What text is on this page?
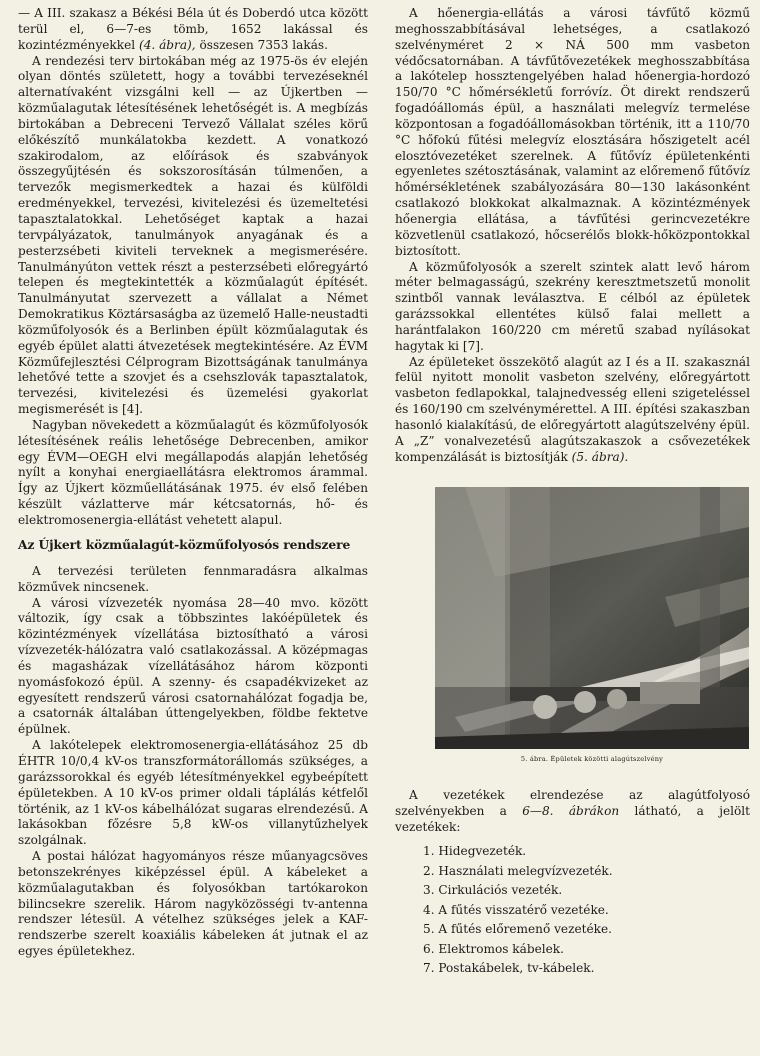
— A III. szakasz a Békési Béla út és Doberdó utca között terül el, 6—7-es tömb, 1652 lakással és kozintézményekkel (4. ábra), összesen 7353 lakás.

A rendezési terv birtokában még az 1975-ös év elején olyan döntés született, hogy a további tervezéseknél alternatívaként vizsgálni kell — az Újkertben — közműalagutak létesítésének lehetőségét is. A megbízás birtokában a Debreceni Tervező Vállalat széles körű előkészítő munkálatokba kezdett. A vonatkozó szakirodalom, az előírások és szabványok összegyűjtésén és sokszorosításán túlmenően, a tervezők megismerkedtek a hazai és külföldi eredményekkel, tervezési, kivitelezési és üzemeltetési tapasztalatokkal. Lehetőséget kaptak a hazai tervpályázatok, tanulmányok anyagának és a pesterzsébeti kiviteli terveknek a megismerésére. Tanulmányúton vettek részt a pesterzsébeti előregyártó telepen és megtekintették a közműalagút építését. Tanulmányutat szervezett a vállalat a Német Demokratikus Köztársaságba az üzemelő Halle-neustadti közműfolyosók és a Berlinben épült közműalagutak és egyéb épület alatti átvezetések megtekintésére. Az ÉVM Közműfejlesztési Célprogram Bizottságának tanulmánya lehetővé tette a szovjet és a csehszlovák tapasztalatok, tervezési, kivitelezési és üzemelési gyakorlat megismerését is [4].

Nagyban növekedett a közműalagút és közműfolyosók létesítésének reális lehetősége Debrecenben, amikor egy ÉVM—OEGH elvi megállapodás alapján lehetőség nyílt a konyhai energiaellátásra elektromos árammal. Így az Újkert közműellátásának 1975. év első felében készült vázlatterve már kétcsatornás, hő- és elektromosenergia-ellátást vehetett alapul.

Az Újkert közműalagút-közműfolyosós rendszere

A tervezési területen fennmaradásra alkalmas közművek nincsenek.

A városi vízvezeték nyomása 28—40 mvo. között változik, így csak a többszintes lakóépületek és közintézmények vízellátása biztosítható a városi vízvezeték-hálózatra való csatlakozással. A középmagas és magasházak vízellátásához három központi nyomásfokozó épül. A szenny- és csapadékvizeket az egyesített rendszerű városi csatornahálózat fogadja be, a csatornák általában úttengelyekben, földbe fektetve épülnek.

A lakótelepek elektromosenergia-ellátásához 25 db ÉHTR 10/0,4 kV-os transzformátorállomás szükséges, a garázssorokkal és egyéb létesítményekkel egybeépített épületekben. A 10 kV-os primer oldali táplálás kétfelől történik, az 1 kV-os kábelhálózat sugaras elrendezésű. A lakásokban főzésre 5,8 kW-os villanytűzhelyek szolgálnak.

A postai hálózat hagyományos része műanyagcsöves betonszekrényes kiképzéssel épül. A kábeleket a közműalagutakban és folyosókban tartókarokon bilincsekre szerelik. Három nagyközösségi tv-antenna rendszer létesül. A vételhez szükséges jelek a KAF-rendszerbe szerelt koaxiális kábeleken át jutnak el az egyes épületekhez.

A hőenergia-ellátás a városi távfűtő közmű meghosszabbításával lehetséges, a csatlakozó szelvényméret 2 × NÁ 500 mm vasbeton védőcsatornában. A távfűtővezetékek meghosszabbítása a lakótelep hossztengelyében halad hőenergia-hordozó 150/70 °C hőmérsékletű forróvíz. Öt direkt rendszerű fogadóállomás épül, a használati melegvíz termelése központosan a fogadóállomásokban történik, itt a 110/70 °C hőfokú fűtési melegvíz elosztására hőszigetelt acél elosztóvezetéket szerelnek. A fűtővíz épületenkénti egyenletes szétosztásának, valamint az előremenő fűtővíz hőmérsékletének szabályozására 80—130 lakásonként csatlakozó blokkokat alkalmaznak. A közintézmények hőenergia ellátása, a távfűtési gerincvezetékre közvetlenül csatlakozó, hőcserélős blokk-hőközpontokkal biztosított.

A közműfolyosók a szerelt szintek alatt levő három méter belmagasságú, szekrény keresztmetszetű monolit szintből vannak leválasztva. E célból az épületek garázssokkal ellentétes külső falai mellett a harántfalakon 160/220 cm méretű szabad nyílásokat hagytak ki [7].

Az épületeket összekötő alagút az I és a II. szakasznál felül nyitott monolit vasbeton szelvény, előregyártott vasbeton fedlapokkal, talajnedvesség elleni szigeteléssel és 160/190 cm szelvénymérettel. A III. építési szakaszban hasonló kialakítású, de előregyártott alagútszelvény épül. A „Z” vonalvezetésű alagútszakaszok a csővezetékek kompenzálását is biztosítják (5. ábra).

5. ábra. Épületek közötti alagútszelvény

A vezetékek elrendezése az alagútfolyosó szelvényekben a 6—8. ábrákon látható, a jelölt vezetékek:

1. Hidegvezeték.
2. Használati melegvízvezeték.
3. Cirkulációs vezeték.
4. A fűtés visszatérő vezetéke.
5. A fűtés előremenő vezetéke.
6. Elektromos kábelek.
7. Postakábelek, tv-kábelek.
